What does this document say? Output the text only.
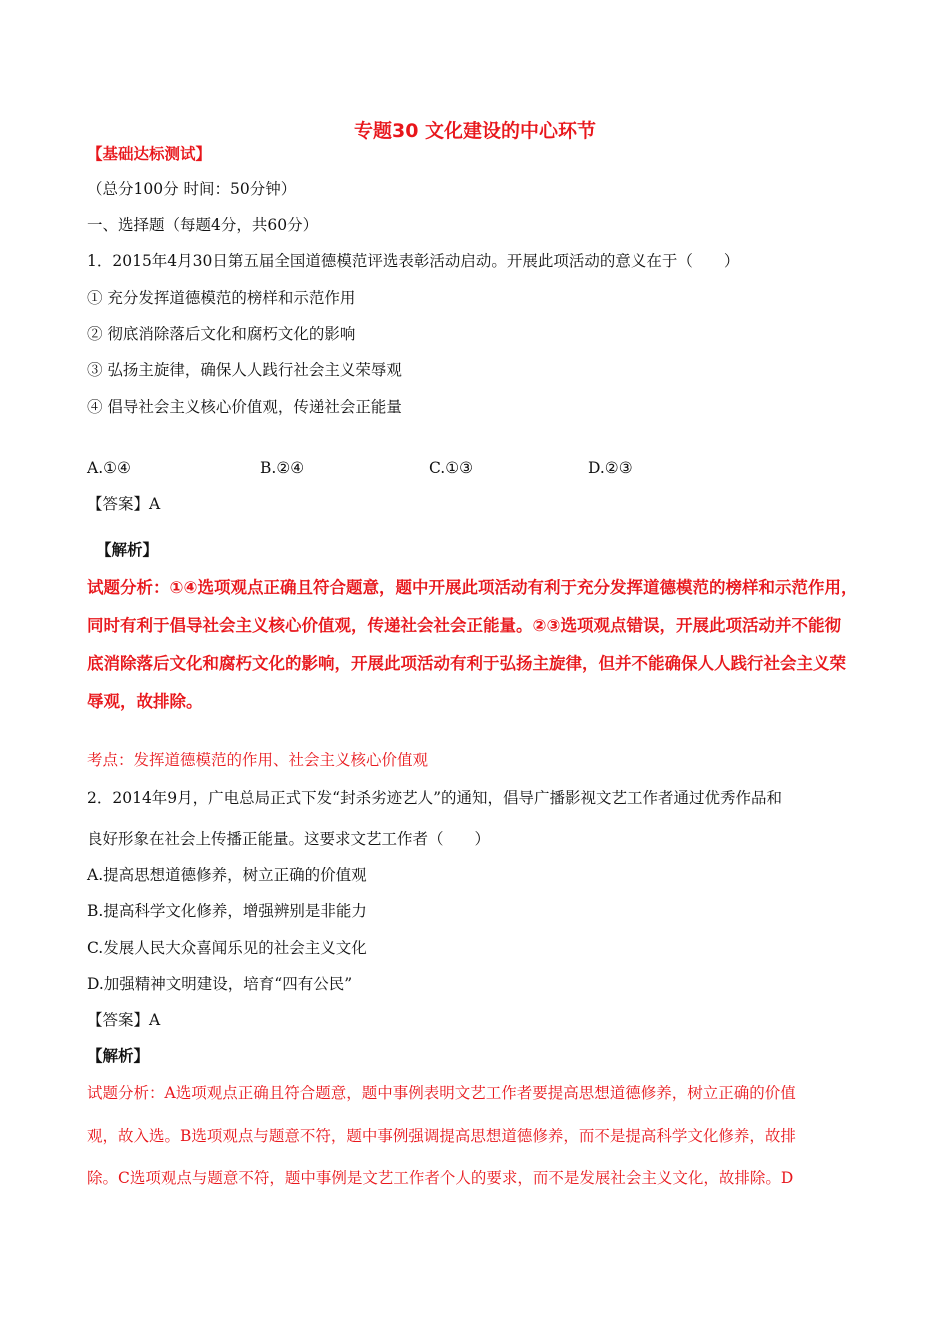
专题30 文化建设的中心环节
【基础达标测试】
（总分100分 时间：50分钟）
一、选择题（每题4分，共60分）
1．2015年4月30日第五届全国道德模范评选表彰活动启动。开展此项活动的意义在于（　　）
① 充分发挥道德模范的榜样和示范作用
② 彻底消除落后文化和腐朽文化的影响
③ 弘扬主旋律，确保人人践行社会主义荣辱观
④ 倡导社会主义核心价值观，传递社会正能量
A.①④	B.②④	C.①③	D.②③
【答案】A
【解析】
试题分析：①④选项观点正确且符合题意，题中开展此项活动有利于充分发挥道德模范的榜样和示范作用，
同时有利于倡导社会主义核心价值观，传递社会社会正能量。②③选项观点错误，开展此项活动并不能彻
底消除落后文化和腐朽文化的影响，开展此项活动有利于弘扬主旋律，但并不能确保人人践行社会主义荣
辱观，故排除。
考点：发挥道德模范的作用、社会主义核心价值观
2．2014年9月，广电总局正式下发“封杀劣迹艺人”的通知，倡导广播影视文艺工作者通过优秀作品和
良好形象在社会上传播正能量。这要求文艺工作者（　　）
A.提高思想道德修养，树立正确的价值观
B.提高科学文化修养，增强辨别是非能力
C.发展人民大众喜闻乐见的社会主义文化
D.加强精神文明建设，培育“四有公民”
【答案】A
【解析】
试题分析：A选项观点正确且符合题意，题中事例表明文艺工作者要提高思想道德修养，树立正确的价值
观，故入选。B选项观点与题意不符，题中事例强调提高思想道德修养，而不是提高科学文化修养，故排
除。C选项观点与题意不符，题中事例是文艺工作者个人的要求，而不是发展社会主义文化，故排除。D
